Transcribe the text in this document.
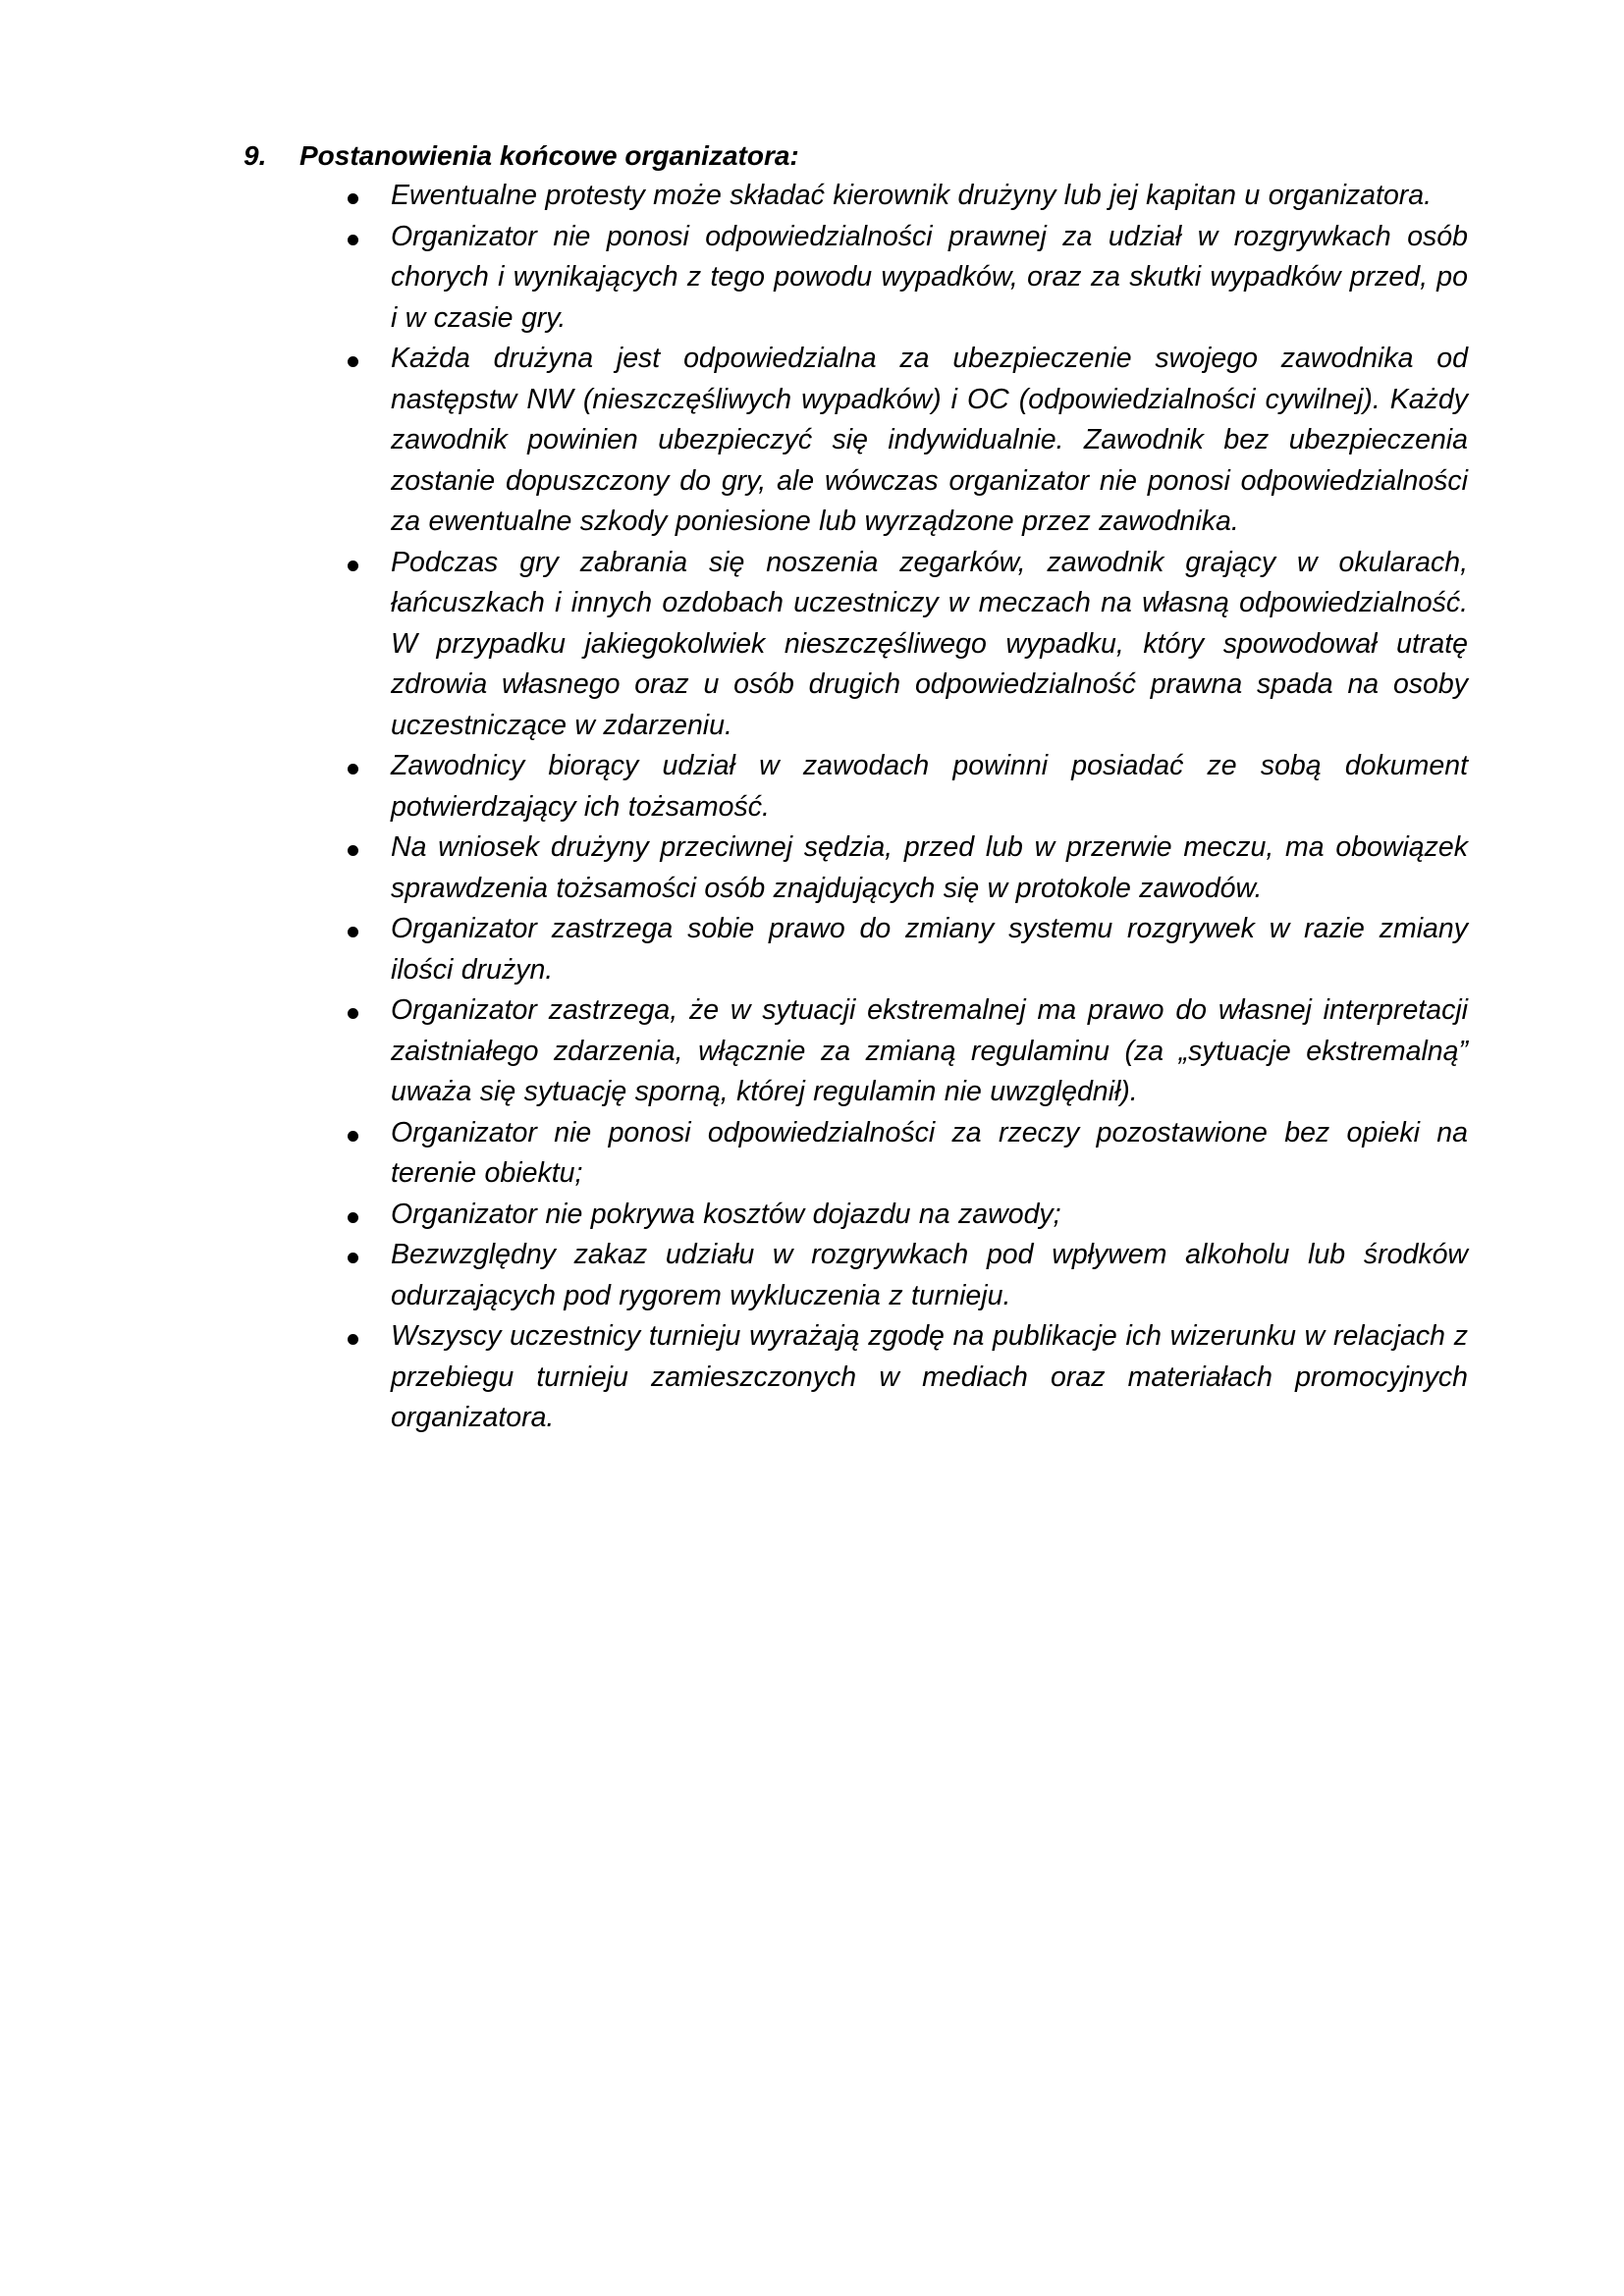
9. Postanowienia końcowe organizatora:
Ewentualne protesty może składać kierownik drużyny lub jej kapitan u organizatora.
Organizator nie ponosi odpowiedzialności prawnej za udział w rozgrywkach osób chorych i wynikających z tego powodu wypadków, oraz za skutki wypadków przed, po i w czasie gry.
Każda drużyna jest odpowiedzialna za ubezpieczenie swojego zawodnika od następstw NW (nieszczęśliwych wypadków) i OC (odpowiedzialności cywilnej). Każdy zawodnik powinien ubezpieczyć się indywidualnie. Zawodnik bez ubezpieczenia zostanie dopuszczony do gry, ale wówczas organizator nie ponosi odpowiedzialności za ewentualne szkody poniesione lub wyrządzone przez zawodnika.
Podczas gry zabrania się noszenia zegarków, zawodnik grający w okularach, łańcuszkach i innych ozdobach uczestniczy w meczach na własną odpowiedzialność. W przypadku jakiegokolwiek nieszczęśliwego wypadku, który spowodował utratę zdrowia własnego oraz u osób drugich odpowiedzialność prawna spada na osoby uczestniczące w zdarzeniu.
Zawodnicy biorący udział w zawodach powinni posiadać ze sobą dokument potwierdzający ich tożsamość.
Na wniosek drużyny przeciwnej sędzia, przed lub w przerwie meczu, ma obowiązek sprawdzenia tożsamości osób znajdujących się w protokole zawodów.
Organizator zastrzega sobie prawo do zmiany systemu rozgrywek w razie zmiany ilości drużyn.
Organizator zastrzega, że w sytuacji ekstremalnej ma prawo do własnej interpretacji zaistniałego zdarzenia, włącznie za zmianą regulaminu (za „sytuacje ekstremalną” uważa się sytuację sporną, której regulamin nie uwzględnił).
Organizator nie ponosi odpowiedzialności za rzeczy pozostawione bez opieki na terenie obiektu;
Organizator nie pokrywa kosztów dojazdu na zawody;
Bezwzględny zakaz udziału w rozgrywkach pod wpływem alkoholu lub środków odurzających pod rygorem wykluczenia z turnieju.
Wszyscy uczestnicy turnieju wyrażają zgodę na publikacje ich wizerunku w relacjach z przebiegu turnieju zamieszczonych w mediach oraz materiałach promocyjnych organizatora.
